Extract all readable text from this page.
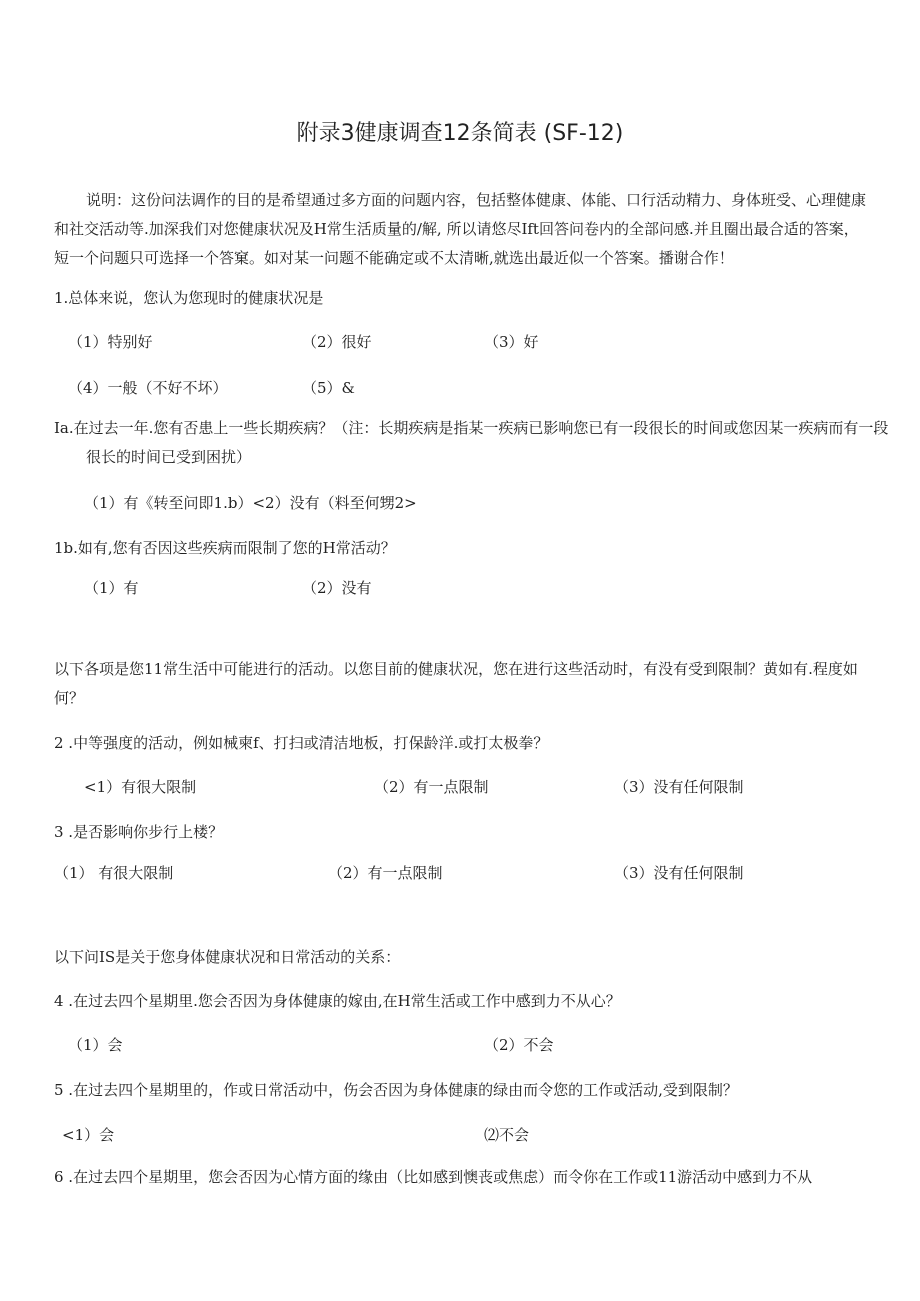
附录3健康调查12条简表 (SF-12)
说明：这份问法调作的目的是希望通过多方面的问题内容，包括整体健康、体能、口行活动精力、身体班受、心理健康和社交活动等.加深我们对您健康状况及H常生活质量的/解, 所以请悠尽Ift回答问卷内的全部问感.并且圈出最合适的答案，短一个问题只可选择一个答窠。如对某一问题不能确定或不太清晰,就选出最近似一个答案。播谢合作！
1.总体来说，您认为您现时的健康状况是
（1）特别好	（2）很好	（3）好
（4）一般（不好不坏）	（5）&
Ia.在过去一年.您有否患上一些长期疾病？（注：长期疾病是指某一疾病已影响您已有一段很长的时间或您因某一疾病而有一段很长的时间已受到困扰）
（1）有《转至问即1.b）<2）没有（料至何甥2>
1b.如有,您有否因这些疾病而限制了您的H常活动？
（1）有	（2）没有
以下各项是您11常生活中可能进行的活动。以您目前的健康状况，您在进行这些活动时，有没有受到限制？黄如有.程度如何？
2 .中等强度的活动，例如械柬f、打扫或清洁地板，打保龄洋.或打太极拳？
<1）有很大限制	（2）有一点限制	（3）没有任何限制
3 .是否影响你步行上楼？
（1） 有很大限制	（2）有一点限制	（3）没有任何限制
以下问IS是关于您身体健康状况和日常活动的关系：
4 .在过去四个星期里.您会否因为身体健康的嫁由,在H常生活或工作中感到力不从心？
（1）会	（2）不会
5 .在过去四个星期里的，作或日常活动中，伤会否因为身体健康的绿由而令您的工作或活动,受到限制？
<1）会	⑵不会
6 .在过去四个星期里，您会否因为心情方面的缘由（比如感到懊丧或焦虑）而令你在工作或11游活动中感到力不从
